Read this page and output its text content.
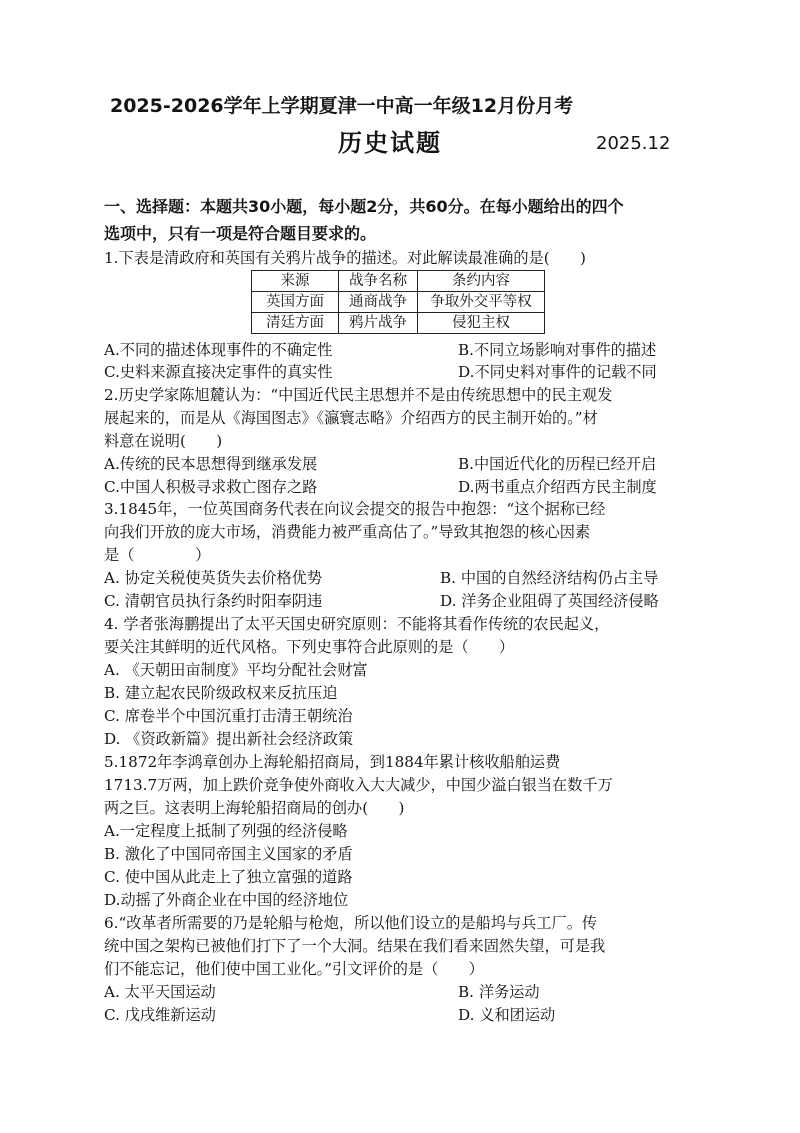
2025-2026学年上学期夏津一中高一年级12月份月考
历史试题	2025.12
一、选择题：本题共30小题，每小题2分，共60分。在每小题给出的四个
选项中，只有一项是符合题目要求的。
1.下表是清政府和英国有关鸦片战争的描述。对此解读最准确的是(　　)
来源	战争名称	条约内容
英国方面	通商战争	争取外交平等权
清廷方面	鸦片战争	侵犯主权
A.不同的描述体现事件的不确定性	B.不同立场影响对事件的描述
C.史料来源直接决定事件的真实性	D.不同史料对事件的记载不同
2.历史学家陈旭麓认为：“中国近代民主思想并不是由传统思想中的民主观发
展起来的，而是从《海国图志》《瀛寰志略》介绍西方的民主制开始的。”材
料意在说明(　　)
A.传统的民本思想得到继承发展	B.中国近代化的历程已经开启
C.中国人积极寻求救亡图存之路	D.两书重点介绍西方民主制度
3.1845年，一位英国商务代表在向议会提交的报告中抱怨：“这个据称已经
向我们开放的庞大市场，消费能力被严重高估了。”导致其抱怨的核心因素
是（　　　　）
A. 协定关税使英货失去价格优势	B. 中国的自然经济结构仍占主导
C. 清朝官员执行条约时阳奉阴违	D. 洋务企业阻碍了英国经济侵略
4. 学者张海鹏提出了太平天国史研究原则：不能将其看作传统的农民起义，
要关注其鲜明的近代风格。下列史事符合此原则的是（　　）
A. 《天朝田亩制度》平均分配社会财富
B. 建立起农民阶级政权来反抗压迫
C. 席卷半个中国沉重打击清王朝统治
D. 《资政新篇》提出新社会经济政策
5.1872年李鸿章创办上海轮船招商局，到1884年累计核收船舶运费
1713.7万两，加上跌价竞争使外商收入大大减少，中国少溢白银当在数千万
两之巨。这表明上海轮船招商局的创办(　　)
A.一定程度上抵制了列强的经济侵略
B. 激化了中国同帝国主义国家的矛盾
C. 使中国从此走上了独立富强的道路
D.动摇了外商企业在中国的经济地位
6.“改革者所需要的乃是轮船与枪炮，所以他们设立的是船坞与兵工厂。传
统中国之架构已被他们打下了一个大洞。结果在我们看来固然失望，可是我
们不能忘记，他们使中国工业化。”引文评价的是（　　）
A. 太平天国运动	B. 洋务运动
C. 戊戌维新运动	D. 义和团运动
